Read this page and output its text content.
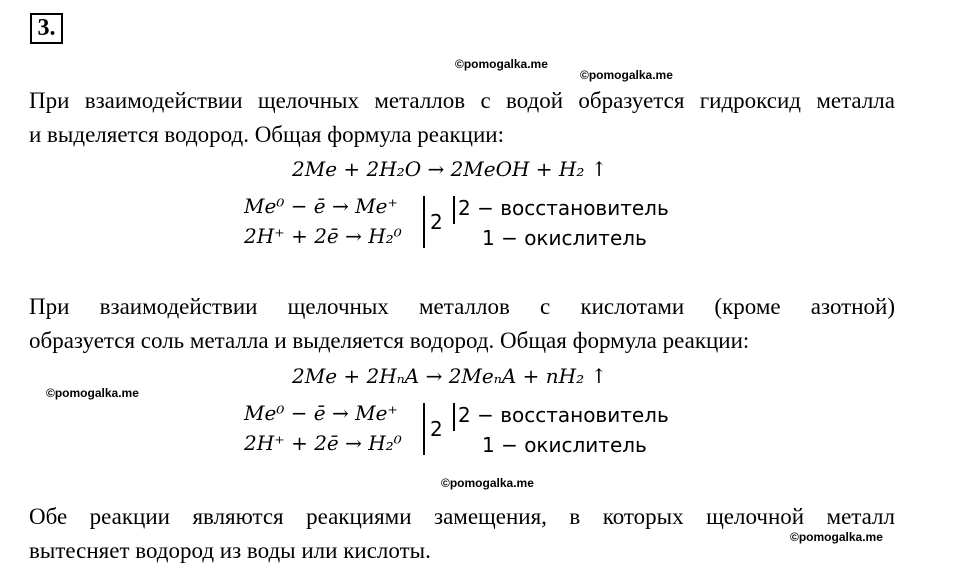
3.
©pomogalka.me
©pomogalka.me
©pomogalka.me
©pomogalka.me
©pomogalka.me
При взаимодействии щелочных металлов с водой образуется гидроксид металла
и выделяется водород. Общая формула реакции:
2Me + 2H₂O → 2MeOH + H₂ ↑
Me⁰ − ē → Me⁺
2H⁺ + 2ē → H₂⁰
2
2 − восстановитель
1 − окислитель
При взаимодействии щелочных металлов с кислотами (кроме азотной)
образуется соль металла и выделяется водород. Общая формула реакции:
2Me + 2HₙA → 2MeₙA + nH₂ ↑
Me⁰ − ē → Me⁺
2H⁺ + 2ē → H₂⁰
2
2 − восстановитель
1 − окислитель
Обе реакции являются реакциями замещения, в которых щелочной металл
вытесняет водород из воды или кислоты.
